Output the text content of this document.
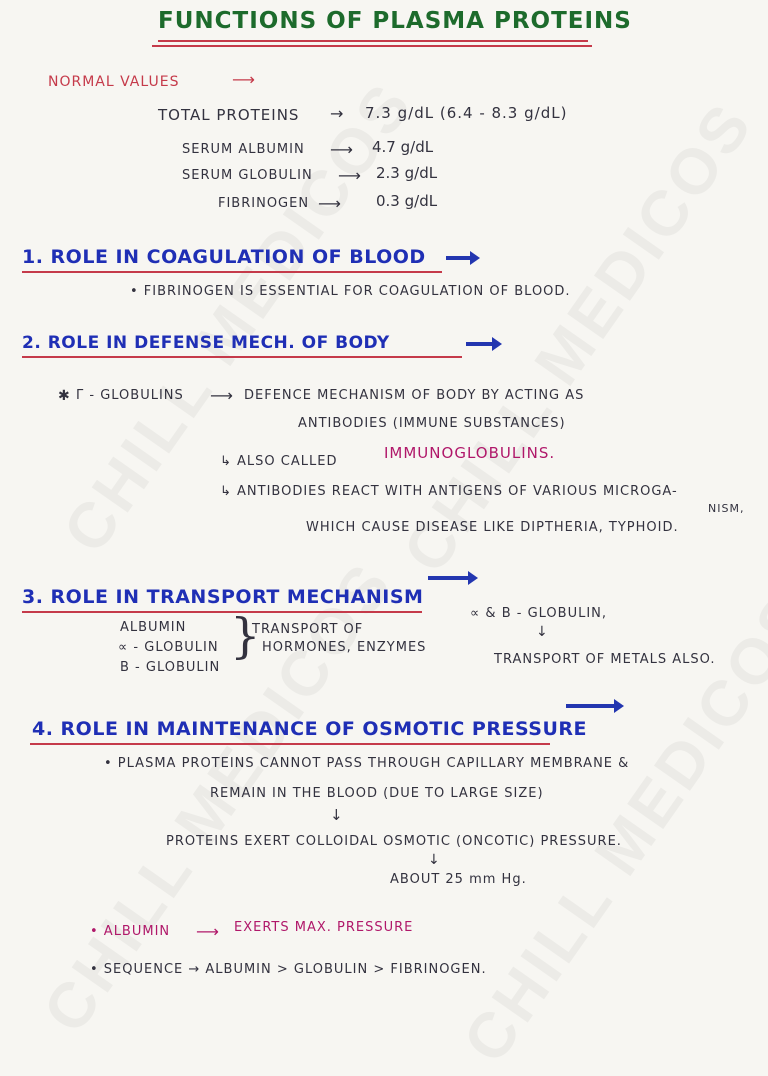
FUNCTIONS OF PLASMA PROTEINS
NORMAL VALUES	⟶
TOTAL PROTEINS → 7.3 g/dL (6.4 - 8.3 g/dL)
SERUM ALBUMIN ⟶ 4.7 g/dL
SERUM GLOBULIN ⟶ 2.3 g/dL
FIBRINOGEN ⟶ 0.3 g/dL
1. ROLE IN COAGULATION OF BLOOD
• FIBRINOGEN IS ESSENTIAL FOR COAGULATION OF BLOOD.
2. ROLE IN DEFENSE MECH. OF BODY
✱ Γ - GLOBULINS ⟶ DEFENCE MECHANISM OF BODY BY ACTING AS
ANTIBODIES (IMMUNE SUBSTANCES)
↳ ALSO CALLED	IMMUNOGLOBULINS.
↳ ANTIBODIES REACT WITH ANTIGENS OF VARIOUS MICROGA-
NISM,
WHICH CAUSE DISEASE LIKE DIPTHERIA, TYPHOID.
3. ROLE IN TRANSPORT MECHANISM
ALBUMIN
∝ - GLOBULIN
Β - GLOBULIN
}
TRANSPORT OF
HORMONES, ENZYMES
∝ & Β - GLOBULIN,
↓
TRANSPORT OF METALS ALSO.
4. ROLE IN MAINTENANCE OF OSMOTIC PRESSURE
• PLASMA PROTEINS CANNOT PASS THROUGH CAPILLARY MEMBRANE &
REMAIN IN THE BLOOD (DUE TO LARGE SIZE)
↓
PROTEINS EXERT COLLOIDAL OSMOTIC (ONCOTIC) PRESSURE.
↓
ABOUT 25 mm Hg.
• ALBUMIN ⟶ EXERTS MAX. PRESSURE
• SEQUENCE → ALBUMIN > GLOBULIN > FIBRINOGEN.
